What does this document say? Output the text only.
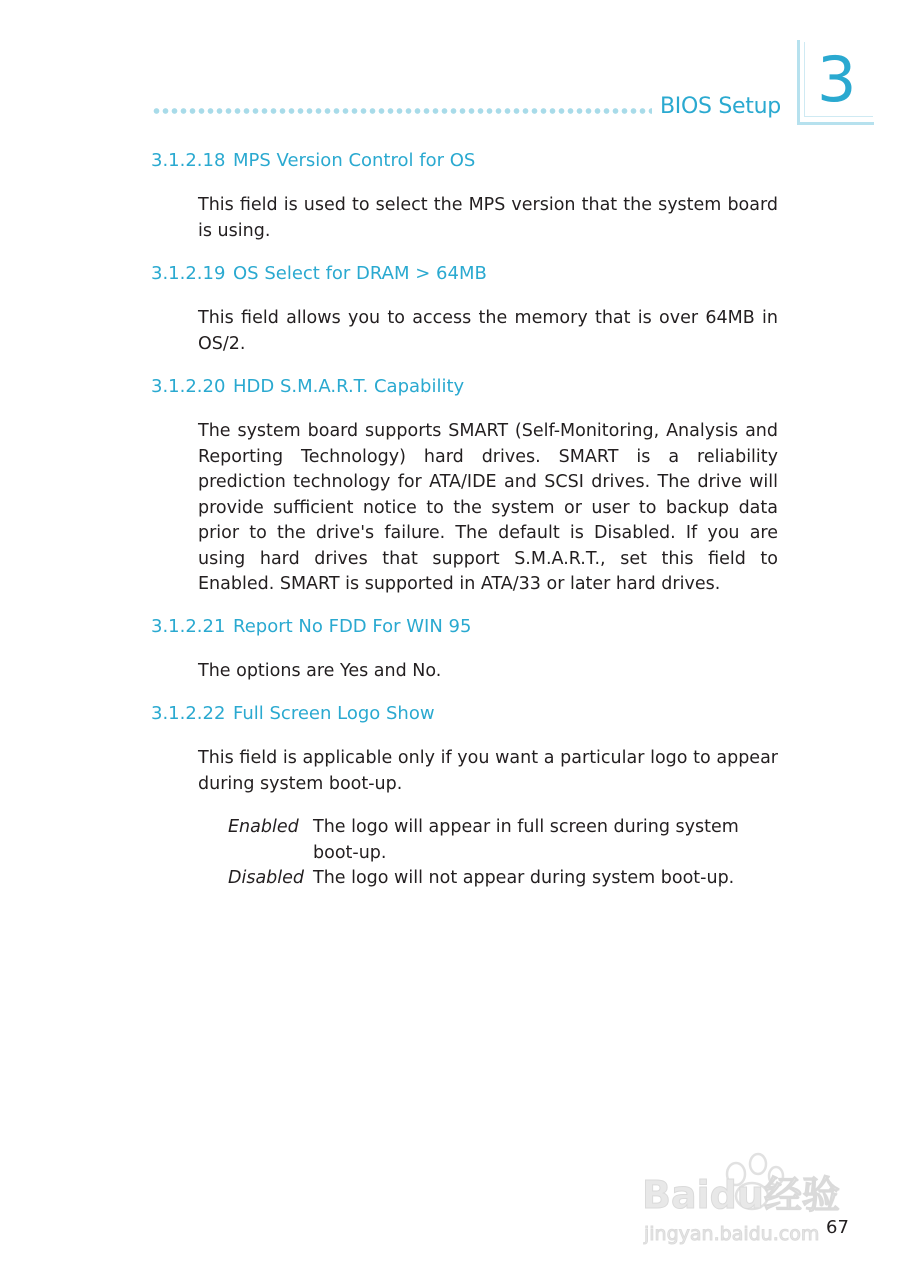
BIOS Setup 3
3.1.2.18 MPS Version Control for OS
This field is used to select the MPS version that the system board is using.
3.1.2.19 OS Select for DRAM > 64MB
This field allows you to access the memory that is over 64MB in OS/2.
3.1.2.20 HDD S.M.A.R.T. Capability
The system board supports SMART (Self-Monitoring, Analysis and Reporting Technology) hard drives. SMART is a reliability prediction technology for ATA/IDE and SCSI drives. The drive will provide sufficient notice to the system or user to backup data prior to the drive's failure. The default is Disabled. If you are using hard drives that support S.M.A.R.T., set this field to Enabled. SMART is supported in ATA/33 or later hard drives.
3.1.2.21 Report No FDD For WIN 95
The options are Yes and No.
3.1.2.22 Full Screen Logo Show
This field is applicable only if you want a particular logo to appear during system boot-up.
Enabled The logo will appear in full screen during system boot-up.
Disabled The logo will not appear during system boot-up.
Baidu经验
jingyan.baidu.com 67
